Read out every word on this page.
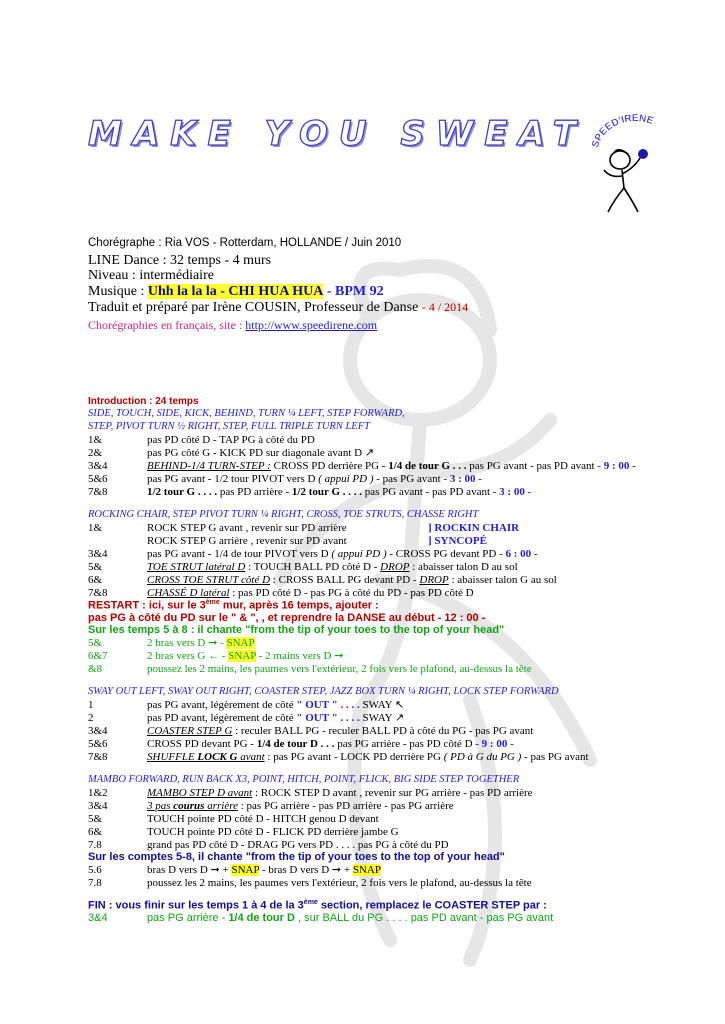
MAKE YOU SWEAT SPEED'IRENE
Chorégraphe : Ria VOS - Rotterdam, HOLLANDE / Juin 2010
LINE Dance : 32 temps - 4 murs
Niveau : intermédiaire
Musique : Uhh la la la - CHI HUA HUA - BPM 92
Traduit et préparé par Irène COUSIN, Professeur de Danse - 4 / 2014
Chorégraphies en français, site : http://www.speedirene.com
Introduction : 24 temps
SIDE, TOUCH, SIDE, KICK, BEHIND, TURN ¼ LEFT, STEP FORWARD,
STEP, PIVOT TURN ½ RIGHT, STEP, FULL TRIPLE TURN LEFT
1&	pas PD côté D - TAP PG à côté du PD
2&	pas PG côté G - KICK PD sur diagonale avant D ↗
3&4	BEHIND-1/4 TURN-STEP : CROSS PD derrière PG - 1/4 de tour G . . . pas PG avant - pas PD avant - 9 : 00 -
5&6	pas PG avant - 1/2 tour PIVOT vers D ( appui PD ) - pas PG avant - 3 : 00 -
7&8	1/2 tour G . . . . pas PD arrière - 1/2 tour G . . . . pas PG avant - pas PD avant - 3 : 00 -
ROCKING CHAIR, STEP PIVOT TURN ¼ RIGHT, CROSS, TOE STRUTS, CHASSE RIGHT
1&	ROCK STEP G avant , revenir sur PD arrière	] ROCKIN CHAIR
ROCK STEP G arrière , revenir sur PD avant	] SYNCOPÉ
3&4	pas PG avant - 1/4 de tour PIVOT vers D ( appui PD ) - CROSS PG devant PD - 6 : 00 -
5&	TOE STRUT latéral D : TOUCH BALL PD côté D - DROP : abaisser talon D au sol
6&	CROSS TOE STRUT côté D : CROSS BALL PG devant PD - DROP : abaisser talon G au sol
7&8	CHASSÉ D latéral : pas PD côté D - pas PG à côté du PD - pas PD côté D
RESTART : ici, sur le 3ème mur, après 16 temps, ajouter :
pas PG à côté du PD sur le " & ", , et reprendre la DANSE au début - 12 : 00 -
Sur les temps 5 à 8 : il chante "from the tip of your toes to the top of your head"
5&	2 bras vers D ➞ - SNAP
6&7	2 bras vers G ← - SNAP - 2 mains vers D ➞
&8	poussez les 2 mains, les paumes vers l'extérieur, 2 fois vers le plafond, au-dessus la tête
SWAY OUT LEFT, SWAY OUT RIGHT, COASTER STEP, JAZZ BOX TURN ¼ RIGHT, LOCK STEP FORWARD
1	pas PG avant, légèrement de côté " OUT " . . . . SWAY ↖
2	pas PD avant, légèrement de côté " OUT " . . . . SWAY ↗
3&4	COASTER STEP G : reculer BALL PG - reculer BALL PD à côté du PG - pas PG avant
5&6	CROSS PD devant PG - 1/4 de tour D . . . pas PG arrière - pas PD côté D - 9 : 00 -
7&8	SHUFFLE LOCK G avant : pas PG avant - LOCK PD derrière PG ( PD à G du PG ) - pas PG avant
MAMBO FORWARD, RUN BACK X3, POINT, HITCH, POINT, FLICK, BIG SIDE STEP TOGETHER
1&2	MAMBO STEP D avant : ROCK STEP D avant , revenir sur PG arrière - pas PD arrière
3&4	3 pas courus arrière : pas PG arrière - pas PD arrière - pas PG arrière
5&	TOUCH pointe PD côté D - HITCH genou D devant
6&	TOUCH pointe PD côté D - FLICK PD derrière jambe G
7.8	grand pas PD côté D - DRAG PG vers PD . . . . pas PG à côté du PD
Sur les comptes 5-8, il chante "from the tip of your toes to the top of your head"
5.6	bras D vers D ➞ + SNAP - bras D vers D ➞ + SNAP
7.8	poussez les 2 mains, les paumes vers l'extérieur, 2 fois vers le plafond, au-dessus la tête
FIN : vous finir sur les temps 1 à 4 de la 3ème section, remplacez le COASTER STEP par :
3&4	pas PG arrière - 1/4 de tour D , sur BALL du PG . . . . pas PD avant - pas PG avant
